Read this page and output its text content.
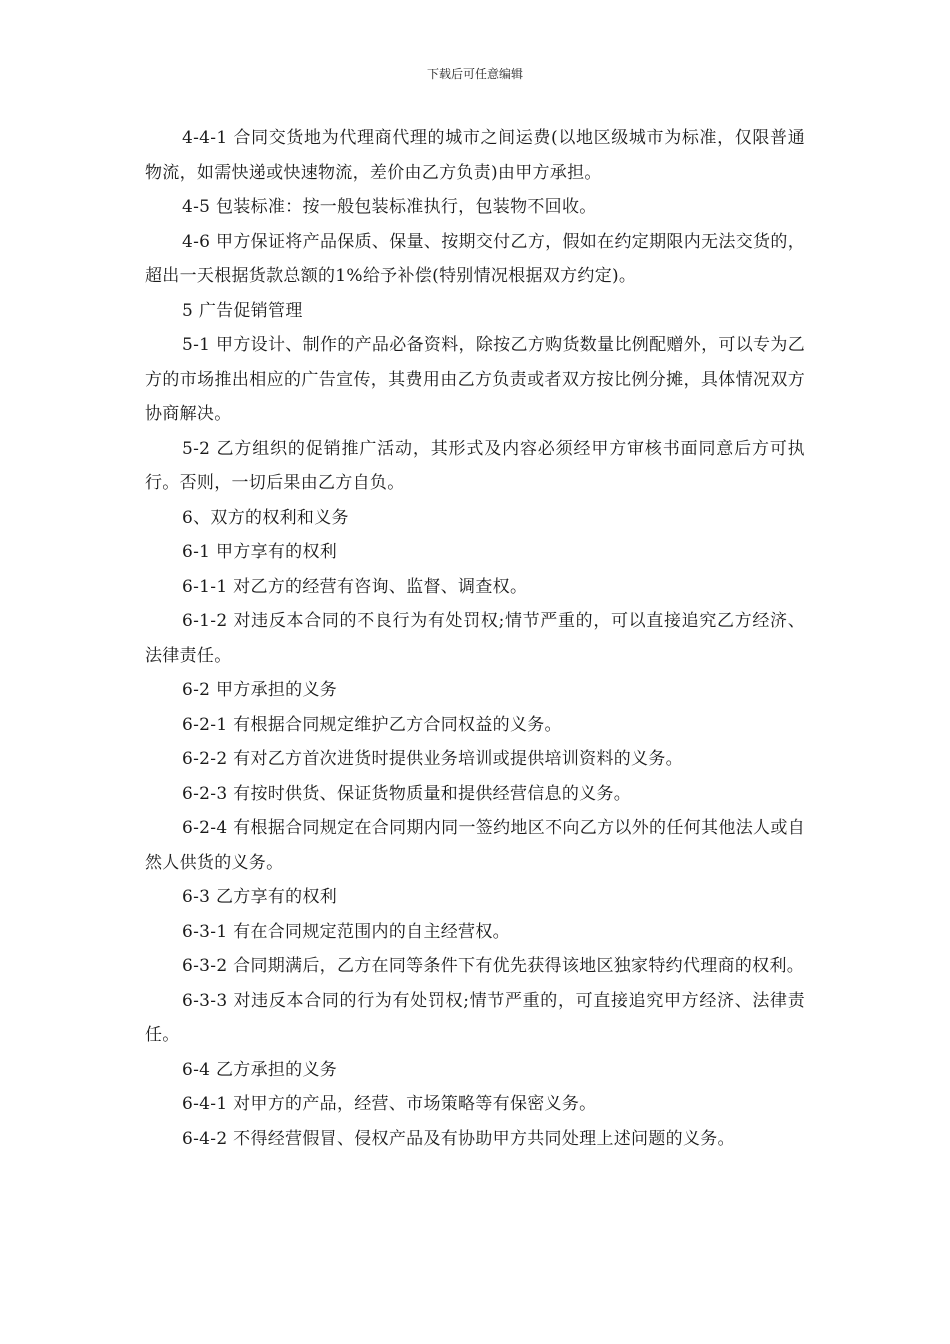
下载后可任意编辑

4-4-1 合同交货地为代理商代理的城市之间运费(以地区级城市为标准，仅限普通物流，如需快递或快速物流，差价由乙方负责)由甲方承担。

4-5 包装标准：按一般包装标准执行，包装物不回收。

4-6 甲方保证将产品保质、保量、按期交付乙方，假如在约定期限内无法交货的，超出一天根据货款总额的1%给予补偿(特别情况根据双方约定)。

5 广告促销管理

5-1 甲方设计、制作的产品必备资料，除按乙方购货数量比例配赠外，可以专为乙方的市场推出相应的广告宣传，其费用由乙方负责或者双方按比例分摊，具体情况双方协商解决。

5-2 乙方组织的促销推广活动，其形式及内容必须经甲方审核书面同意后方可执行。否则，一切后果由乙方自负。

6、双方的权利和义务

6-1 甲方享有的权利

6-1-1 对乙方的经营有咨询、监督、调查权。

6-1-2 对违反本合同的不良行为有处罚权;情节严重的，可以直接追究乙方经济、法律责任。

6-2 甲方承担的义务

6-2-1 有根据合同规定维护乙方合同权益的义务。

6-2-2 有对乙方首次进货时提供业务培训或提供培训资料的义务。

6-2-3 有按时供货、保证货物质量和提供经营信息的义务。

6-2-4 有根据合同规定在合同期内同一签约地区不向乙方以外的任何其他法人或自然人供货的义务。

6-3 乙方享有的权利

6-3-1 有在合同规定范围内的自主经营权。

6-3-2 合同期满后，乙方在同等条件下有优先获得该地区独家特约代理商的权利。

6-3-3 对违反本合同的行为有处罚权;情节严重的，可直接追究甲方经济、法律责任。

6-4 乙方承担的义务

6-4-1 对甲方的产品，经营、市场策略等有保密义务。

6-4-2 不得经营假冒、侵权产品及有协助甲方共同处理上述问题的义务。
